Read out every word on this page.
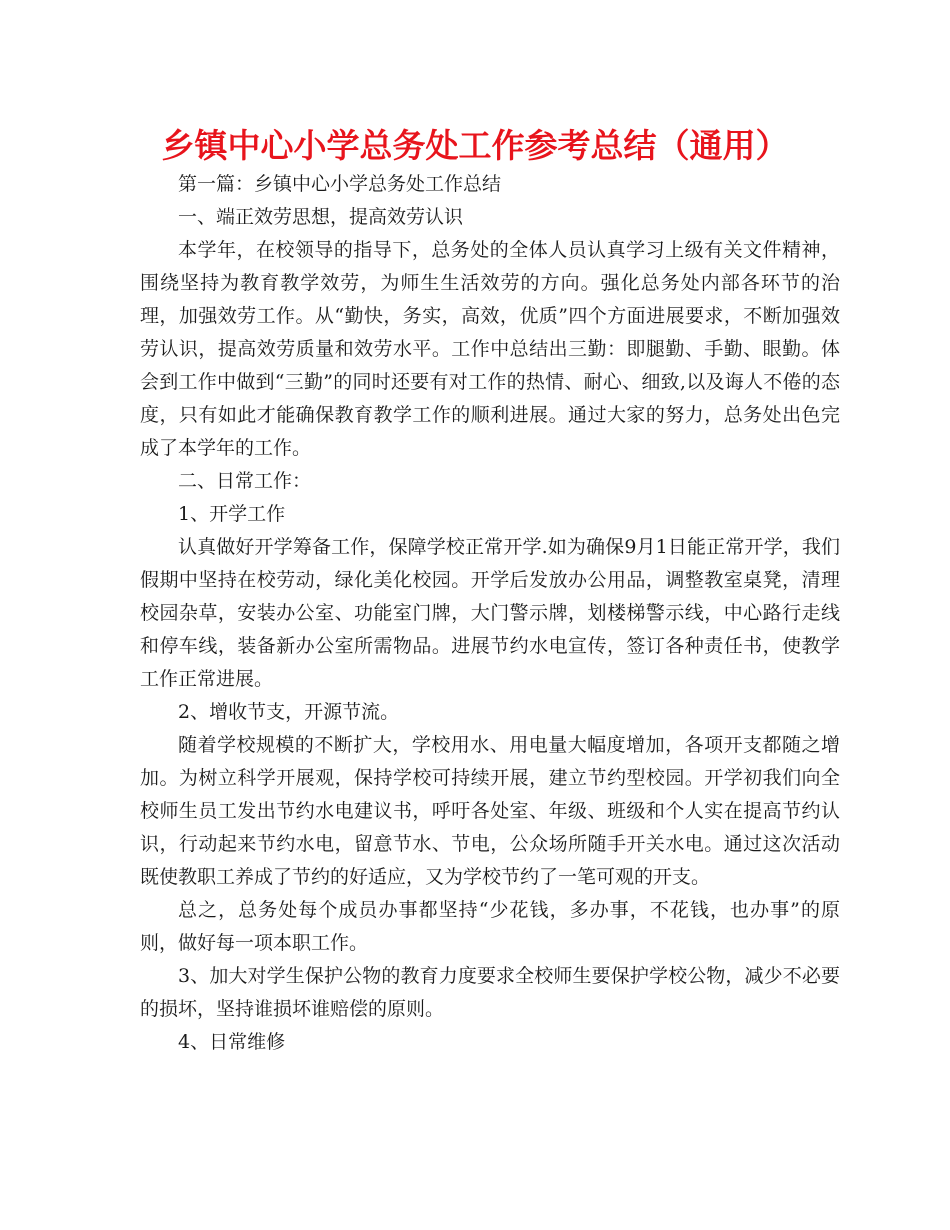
乡镇中心小学总务处工作参考总结（通用）

第一篇：乡镇中心小学总务处工作总结

一、端正效劳思想，提高效劳认识

本学年，在校领导的指导下，总务处的全体人员认真学习上级有关文件精神，围绕坚持为教育教学效劳，为师生生活效劳的方向。强化总务处内部各环节的治理，加强效劳工作。从“勤快，务实，高效，优质”四个方面进展要求，不断加强效劳认识，提高效劳质量和效劳水平。工作中总结出三勤：即腿勤、手勤、眼勤。体会到工作中做到“三勤”的同时还要有对工作的热情、耐心、细致,以及诲人不倦的态度，只有如此才能确保教育教学工作的顺利进展。通过大家的努力，总务处出色完成了本学年的工作。

二、日常工作：

1、开学工作

认真做好开学筹备工作，保障学校正常开学.如为确保9月1日能正常开学，我们假期中坚持在校劳动，绿化美化校园。开学后发放办公用品，调整教室桌凳，清理校园杂草，安装办公室、功能室门牌，大门警示牌，划楼梯警示线，中心路行走线和停车线，装备新办公室所需物品。进展节约水电宣传，签订各种责任书，使教学工作正常进展。

2、增收节支，开源节流。

随着学校规模的不断扩大，学校用水、用电量大幅度增加，各项开支都随之增加。为树立科学开展观，保持学校可持续开展，建立节约型校园。开学初我们向全校师生员工发出节约水电建议书，呼吁各处室、年级、班级和个人实在提高节约认识，行动起来节约水电，留意节水、节电，公众场所随手开关水电。通过这次活动既使教职工养成了节约的好适应，又为学校节约了一笔可观的开支。

总之，总务处每个成员办事都坚持“少花钱，多办事，不花钱，也办事”的原则，做好每一项本职工作。

3、加大对学生保护公物的教育力度要求全校师生要保护学校公物，减少不必要的损坏，坚持谁损坏谁赔偿的原则。

4、日常维修
